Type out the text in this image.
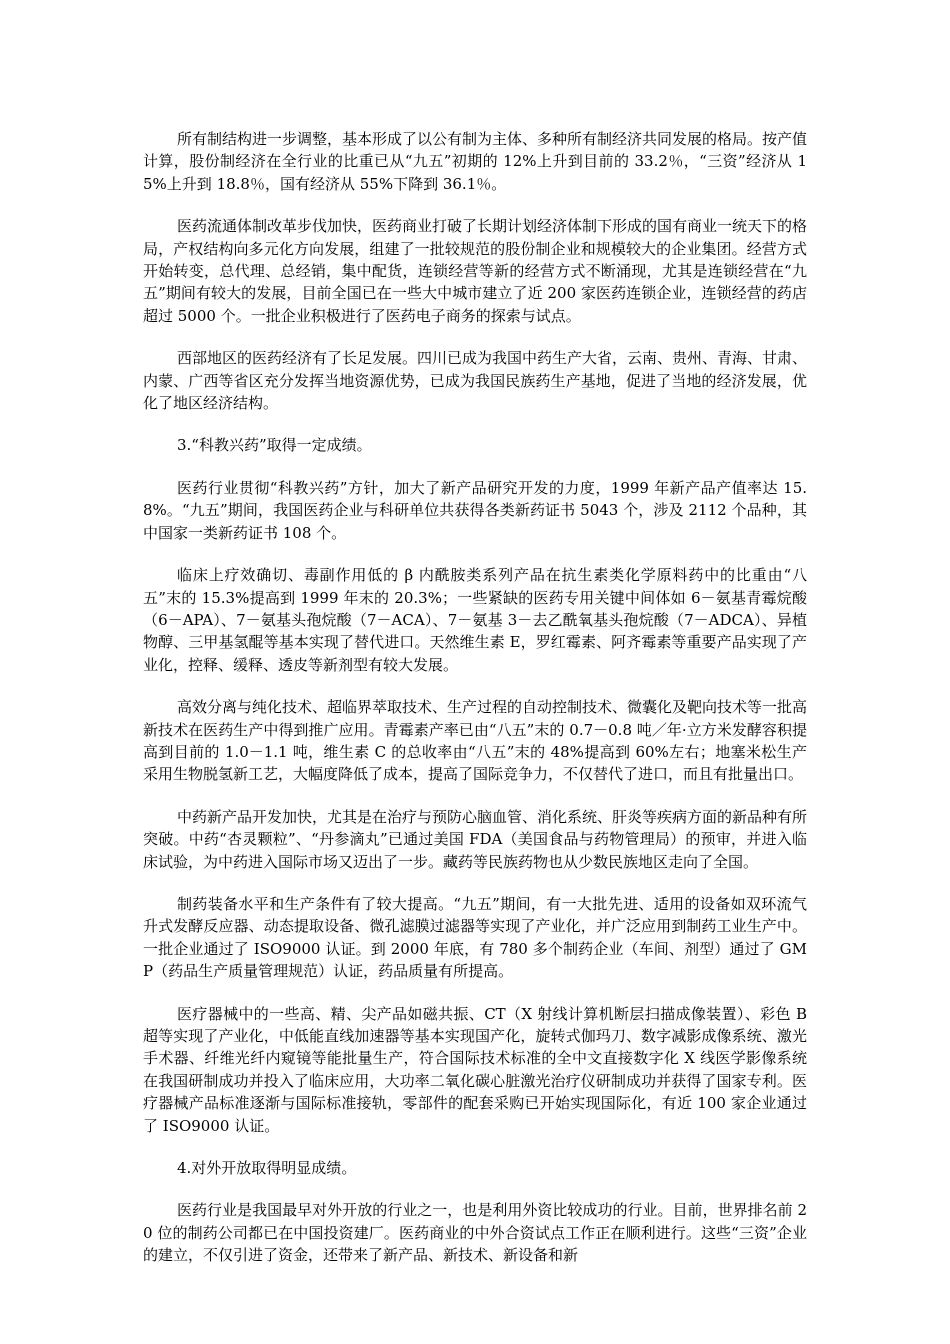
所有制结构进一步调整，基本形成了以公有制为主体、多种所有制经济共同发展的格局。按产值计算，股份制经济在全行业的比重已从“九五”初期的 12%上升到目前的 33.2％，“三资”经济从 15%上升到 18.8％，国有经济从 55%下降到 36.1％。

医药流通体制改革步伐加快，医药商业打破了长期计划经济体制下形成的国有商业一统天下的格局，产权结构向多元化方向发展，组建了一批较规范的股份制企业和规模较大的企业集团。经营方式开始转变，总代理、总经销，集中配货，连锁经营等新的经营方式不断涌现，尤其是连锁经营在“九五”期间有较大的发展，目前全国已在一些大中城市建立了近 200 家医药连锁企业，连锁经营的药店超过 5000 个。一批企业积极进行了医药电子商务的探索与试点。

西部地区的医药经济有了长足发展。四川已成为我国中药生产大省，云南、贵州、青海、甘肃、内蒙、广西等省区充分发挥当地资源优势，已成为我国民族药生产基地，促进了当地的经济发展，优化了地区经济结构。

3.“科教兴药”取得一定成绩。

医药行业贯彻“科教兴药”方针，加大了新产品研究开发的力度，1999 年新产品产值率达 15.8%。“九五”期间，我国医药企业与科研单位共获得各类新药证书 5043 个，涉及 2112 个品种，其中国家一类新药证书 108 个。

临床上疗效确切、毒副作用低的 β 内酰胺类系列产品在抗生素类化学原料药中的比重由“八五”末的 15.3%提高到 1999 年末的 20.3%；一些紧缺的医药专用关键中间体如 6－氨基青霉烷酸（6－APA）、7－氨基头孢烷酸（7－ACA）、7－氨基 3－去乙酰氧基头孢烷酸（7－ADCA）、异植物醇、三甲基氢醌等基本实现了替代进口。天然维生素 E，罗红霉素、阿齐霉素等重要产品实现了产业化，控释、缓释、透皮等新剂型有较大发展。

高效分离与纯化技术、超临界萃取技术、生产过程的自动控制技术、微囊化及靶向技术等一批高新技术在医药生产中得到推广应用。青霉素产率已由“八五”末的 0.7－0.8 吨／年·立方米发酵容积提高到目前的 1.0－1.1 吨，维生素 C 的总收率由“八五”末的 48%提高到 60%左右；地塞米松生产采用生物脱氢新工艺，大幅度降低了成本，提高了国际竞争力，不仅替代了进口，而且有批量出口。

中药新产品开发加快，尤其是在治疗与预防心脑血管、消化系统、肝炎等疾病方面的新品种有所突破。中药“杏灵颗粒”、“丹参滴丸”已通过美国 FDA（美国食品与药物管理局）的预审，并进入临床试验，为中药进入国际市场又迈出了一步。藏药等民族药物也从少数民族地区走向了全国。

制药装备水平和生产条件有了较大提高。“九五”期间，有一大批先进、适用的设备如双环流气升式发酵反应器、动态提取设备、微孔滤膜过滤器等实现了产业化，并广泛应用到制药工业生产中。一批企业通过了 ISO9000 认证。到 2000 年底，有 780 多个制药企业（车间、剂型）通过了 GMP（药品生产质量管理规范）认证，药品质量有所提高。

医疗器械中的一些高、精、尖产品如磁共振、CT（X 射线计算机断层扫描成像装置）、彩色 B 超等实现了产业化，中低能直线加速器等基本实现国产化，旋转式伽玛刀、数字减影成像系统、激光手术器、纤维光纤内窥镜等能批量生产，符合国际技术标准的全中文直接数字化 X 线医学影像系统在我国研制成功并投入了临床应用，大功率二氧化碳心脏激光治疗仪研制成功并获得了国家专利。医疗器械产品标准逐渐与国际标准接轨，零部件的配套采购已开始实现国际化，有近 100 家企业通过了 ISO9000 认证。

4.对外开放取得明显成绩。

医药行业是我国最早对外开放的行业之一，也是利用外资比较成功的行业。目前，世界排名前 20 位的制药公司都已在中国投资建厂。医药商业的中外合资试点工作正在顺利进行。这些“三资”企业的建立，不仅引进了资金，还带来了新产品、新技术、新设备和新
